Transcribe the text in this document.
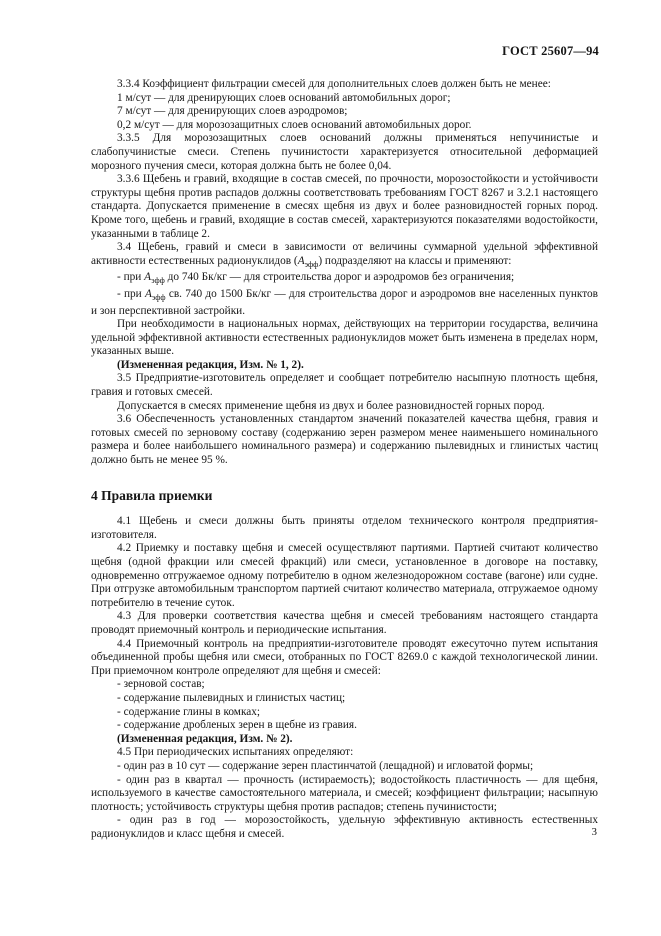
ГОСТ 25607—94

3.3.4 Коэффициент фильтрации смесей для дополнительных слоев должен быть не менее:

1 м/сут — для дренирующих слоев оснований автомобильных дорог;

7 м/сут — для дренирующих слоев аэродромов;

0,2 м/сут — для морозозащитных слоев оснований автомобильных дорог.

3.3.5 Для морозозащитных слоев оснований должны применяться непучинистые и слабопучинистые смеси. Степень пучинистости характеризуется относительной деформацией морозного пучения смеси, которая должна быть не более 0,04.

3.3.6 Щебень и гравий, входящие в состав смесей, по прочности, морозостойкости и устойчивости структуры щебня против распадов должны соответствовать требованиям ГОСТ 8267 и 3.2.1 настоящего стандарта. Допускается применение в смесях щебня из двух и более разновидностей горных пород. Кроме того, щебень и гравий, входящие в состав смесей, характеризуются показателями водостойкости, указанными в таблице 2.

3.4 Щебень, гравий и смеси в зависимости от величины суммарной удельной эффективной активности естественных радионуклидов $(А_{эфф})$ подразделяют на классы и применяют:

- при $А_{эфф}$ до 740 Бк/кг — для строительства дорог и аэродромов без ограничения;

- при $А_{эфф}$ св. 740 до 1500 Бк/кг — для строительства дорог и аэродромов вне населенных пунктов и зон перспективной застройки.

При необходимости в национальных нормах, действующих на территории государства, величина удельной эффективной активности естественных радионуклидов может быть изменена в пределах норм, указанных выше.

(Измененная редакция, Изм. № 1, 2).

3.5 Предприятие-изготовитель определяет и сообщает потребителю насыпную плотность щебня, гравия и готовых смесей.

Допускается в смесях применение щебня из двух и более разновидностей горных пород.

3.6 Обеспеченность установленных стандартом значений показателей качества щебня, гравия и готовых смесей по зерновому составу (содержанию зерен размером менее наименьшего номинального размера и более наибольшего номинального размера) и содержанию пылевидных и глинистых частиц должно быть не менее 95 %.

4 Правила приемки

4.1 Щебень и смеси должны быть приняты отделом технического контроля предприятия-изготовителя.

4.2 Приемку и поставку щебня и смесей осуществляют партиями. Партией считают количество щебня (одной фракции или смесей фракций) или смеси, установленное в договоре на поставку, одновременно отгружаемое одному потребителю в одном железнодорожном составе (вагоне) или судне. При отгрузке автомобильным транспортом партией считают количество материала, отгружаемое одному потребителю в течение суток.

4.3 Для проверки соответствия качества щебня и смесей требованиям настоящего стандарта проводят приемочный контроль и периодические испытания.

4.4 Приемочный контроль на предприятии-изготовителе проводят ежесуточно путем испытания объединенной пробы щебня или смеси, отобранных по ГОСТ 8269.0 с каждой технологической линии. При приемочном контроле определяют для щебня и смесей:

- зерновой состав;

- содержание пылевидных и глинистых частиц;

- содержание глины в комках;

- содержание дробленых зерен в щебне из гравия.

(Измененная редакция, Изм. № 2).

4.5 При периодических испытаниях определяют:

- один раз в 10 сут — содержание зерен пластинчатой (лещадной) и игловатой формы;

- один раз в квартал — прочность (истираемость); водостойкость пластичность — для щебня, используемого в качестве самостоятельного материала, и смесей; коэффициент фильтрации; насыпную плотность; устойчивость структуры щебня против распадов; степень пучинистости;

- один раз в год — морозостойкость, удельную эффективную активность естественных радионуклидов и класс щебня и смесей.	3
